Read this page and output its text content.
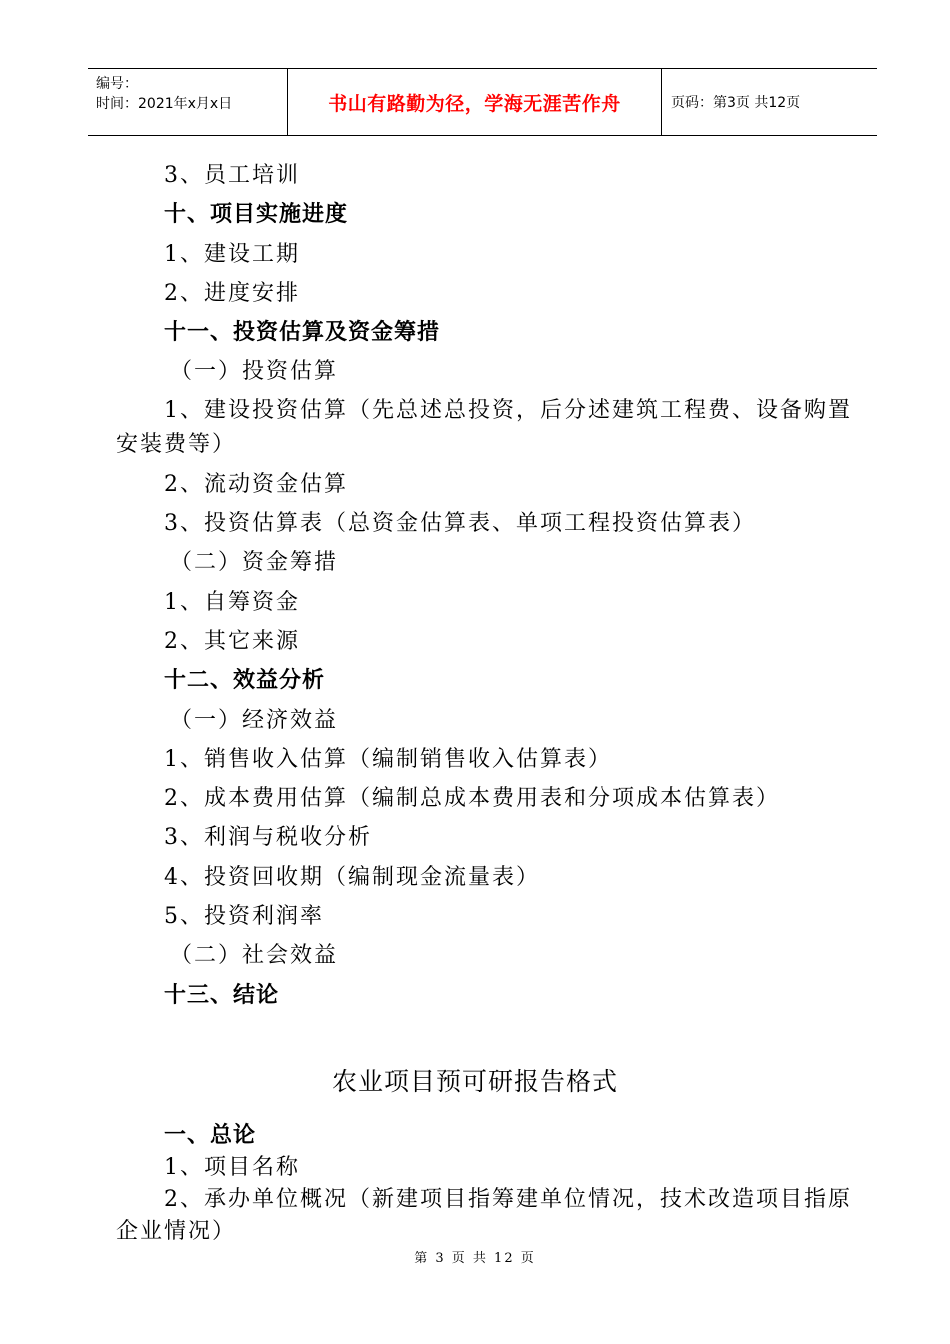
编号：
时间：2021年x月x日	书山有路勤为径，学海无涯苦作舟	页码：第3页 共12页
3、员工培训
十、项目实施进度
1、建设工期
2、进度安排
十一、投资估算及资金筹措
（一）投资估算
1、建设投资估算（先总述总投资，后分述建筑工程费、设备购置安装费等）
2、流动资金估算
3、投资估算表（总资金估算表、单项工程投资估算表）
（二）资金筹措
1、自筹资金
2、其它来源
十二、效益分析
（一）经济效益
1、销售收入估算（编制销售收入估算表）
2、成本费用估算（编制总成本费用表和分项成本估算表）
3、利润与税收分析
4、投资回收期（编制现金流量表）
5、投资利润率
（二）社会效益
十三、结论
农业项目预可研报告格式
一、总论
1、项目名称
2、承办单位概况（新建项目指筹建单位情况，技术改造项目指原企业情况）
第 3 页 共 12 页
